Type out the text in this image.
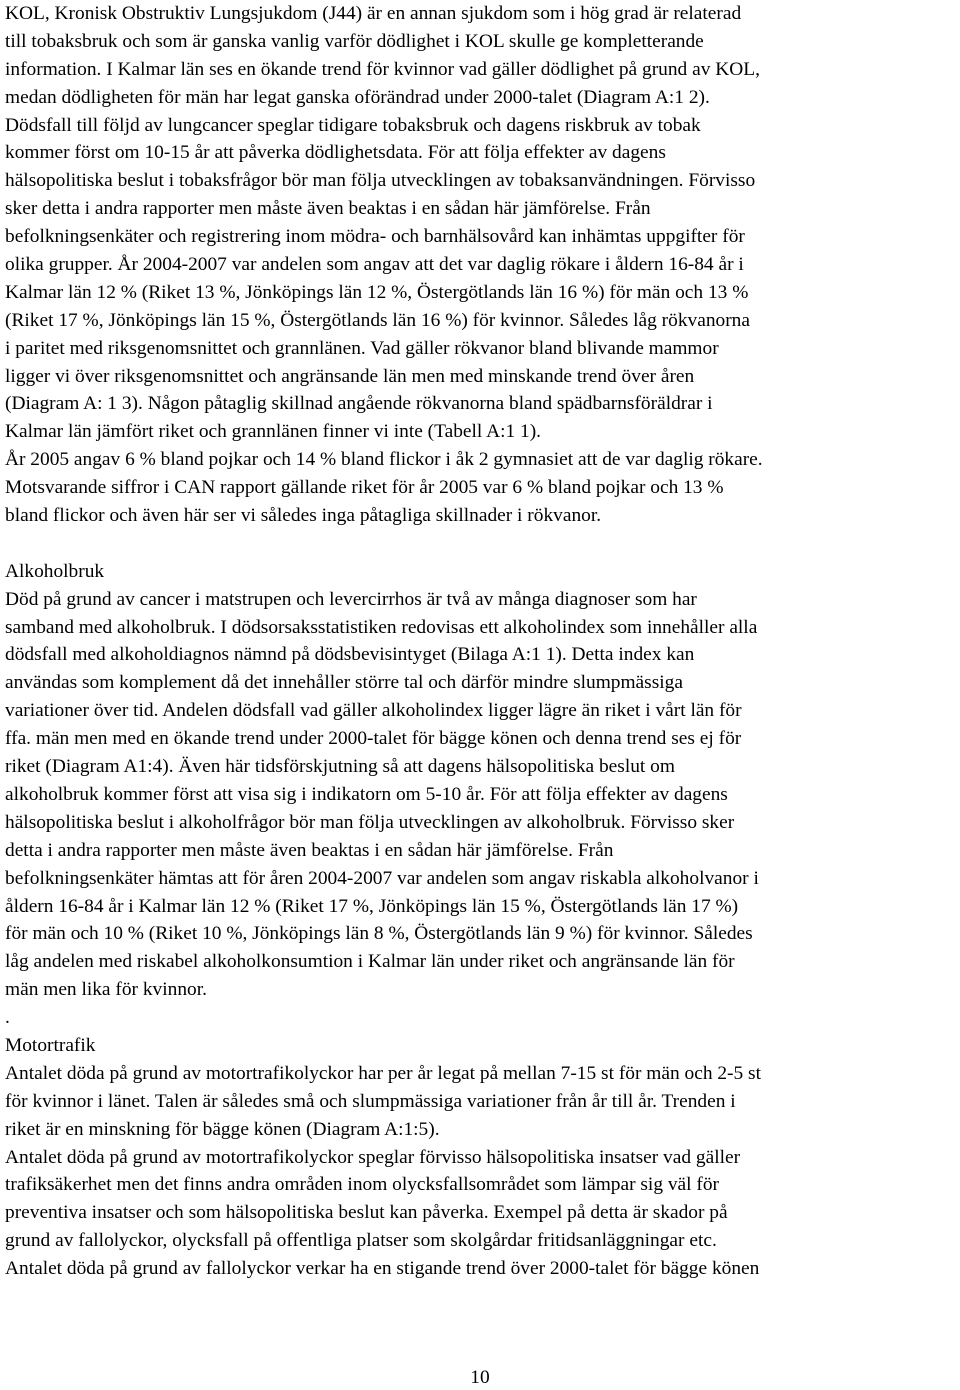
KOL, Kronisk Obstruktiv Lungsjukdom (J44) är en annan sjukdom som i hög grad är relaterad
till tobaksbruk och som är ganska vanlig varför dödlighet i KOL skulle ge kompletterande
information. I Kalmar län ses en ökande trend för kvinnor vad gäller dödlighet på grund av KOL,
medan dödligheten för män har legat ganska oförändrad under 2000-talet (Diagram A:1 2).
Dödsfall till följd av lungcancer speglar tidigare tobaksbruk och dagens riskbruk av tobak
kommer först om 10-15 år att påverka dödlighetsdata. För att följa effekter av dagens
hälsopolitiska beslut i tobaksfrågor bör man följa utvecklingen av tobaksanvändningen. Förvisso
sker detta i andra rapporter men måste även beaktas i en sådan här jämförelse. Från
befolkningsenkäter och registrering inom mödra- och barnhälsovård kan inhämtas uppgifter för
olika grupper. År 2004-2007 var andelen som angav att det var daglig rökare i åldern 16-84 år i
Kalmar län 12 % (Riket 13 %, Jönköpings län 12 %, Östergötlands län 16 %) för män och 13 %
(Riket 17 %, Jönköpings län 15 %, Östergötlands län 16 %) för kvinnor. Således låg rökvanorna
i paritet med riksgenomsnittet och grannlänen. Vad gäller rökvanor bland blivande mammor
ligger vi över riksgenomsnittet och angränsande län men med minskande trend över åren
(Diagram A: 1 3). Någon påtaglig skillnad angående rökvanorna bland spädbarnsföräldrar i
Kalmar län jämfört riket och grannlänen finner vi inte (Tabell A:1 1).
År 2005 angav 6 % bland pojkar och 14 % bland flickor i åk 2 gymnasiet att de var daglig rökare.
Motsvarande siffror i CAN rapport gällande riket för år 2005 var 6 % bland pojkar och 13 %
bland flickor och även här ser vi således inga påtagliga skillnader i rökvanor.
Alkoholbruk
Död på grund av cancer i matstrupen och levercirrhos är två av många diagnoser som har
samband med alkoholbruk. I dödsorsaksstatistiken redovisas ett alkoholindex som innehåller alla
dödsfall med alkoholdiagnos nämnd på dödsbevisintyget (Bilaga A:1 1). Detta index kan
användas som komplement då det innehåller större tal och därför mindre slumpmässiga
variationer över tid. Andelen dödsfall vad gäller alkoholindex ligger lägre än riket i vårt län för
ffa. män men med en ökande trend under 2000-talet för bägge könen och denna trend ses ej för
riket (Diagram A1:4). Även här tidsförskjutning så att dagens hälsopolitiska beslut om
alkoholbruk kommer först att visa sig i indikatorn om 5-10 år. För att följa effekter av dagens
hälsopolitiska beslut i alkoholfrågor bör man följa utvecklingen av alkoholbruk. Förvisso sker
detta i andra rapporter men måste även beaktas i en sådan här jämförelse. Från
befolkningsenkäter hämtas att för åren 2004-2007 var andelen som angav riskabla alkoholvanor i
åldern 16-84 år i Kalmar län 12 % (Riket 17 %, Jönköpings län 15 %, Östergötlands län 17 %)
för män och 10 % (Riket 10 %, Jönköpings län 8 %, Östergötlands län 9 %) för kvinnor. Således
låg andelen med riskabel alkoholkonsumtion i Kalmar län under riket och angränsande län för
män men lika för kvinnor.
.
Motortrafik
Antalet döda på grund av motortrafikolyckor har per år legat på mellan 7-15 st för män och 2-5 st
för kvinnor i länet. Talen är således små och slumpmässiga variationer från år till år. Trenden i
riket är en minskning för bägge könen (Diagram A:1:5).
Antalet döda på grund av motortrafikolyckor speglar förvisso hälsopolitiska insatser vad gäller
trafiksäkerhet men det finns andra områden inom olycksfallsområdet som lämpar sig väl för
preventiva insatser och som hälsopolitiska beslut kan påverka. Exempel på detta är skador på
grund av fallolyckor, olycksfall på offentliga platser som skolgårdar fritidsanläggningar etc.
Antalet döda på grund av fallolyckor verkar ha en stigande trend över 2000-talet för bägge könen
10
